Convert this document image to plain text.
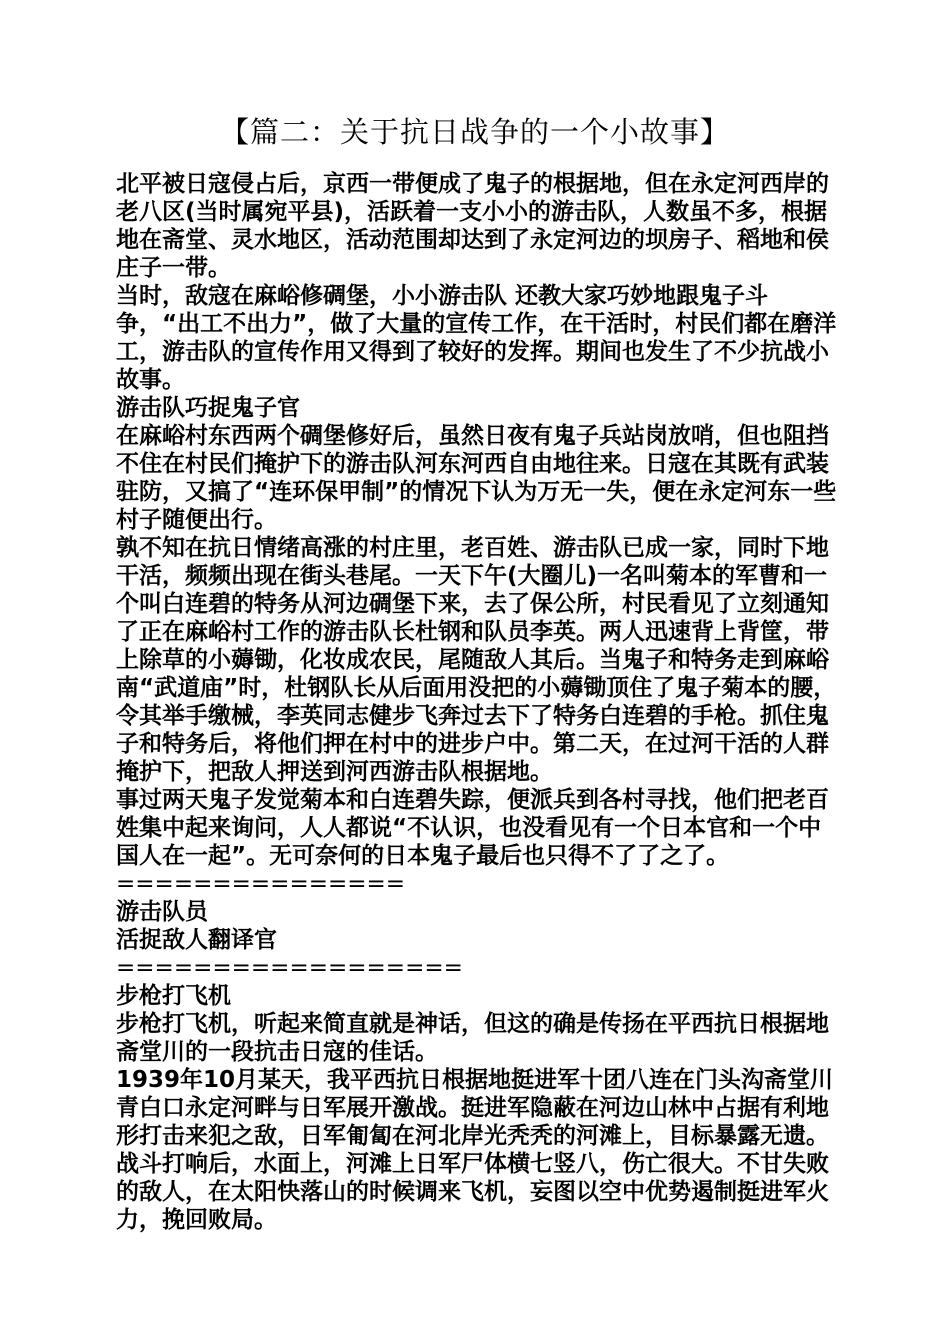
【篇二：关于抗日战争的一个小故事】

北平被日寇侵占后，京西一带便成了鬼子的根据地，但在永定河西岸的老八区(当时属宛平县)，活跃着一支小小的游击队，人数虽不多，根据地在斋堂、灵水地区，活动范围却达到了永定河边的坝房子、稻地和侯庄子一带。

当时，敌寇在麻峪修碉堡，小小游击队 还教大家巧妙地跟鬼子斗争，“出工不出力”，做了大量的宣传工作，在干活时，村民们都在磨洋工，游击队的宣传作用又得到了较好的发挥。期间也发生了不少抗战小故事。

游击队巧捉鬼子官

在麻峪村东西两个碉堡修好后，虽然日夜有鬼子兵站岗放哨，但也阻挡不住在村民们掩护下的游击队河东河西自由地往来。日寇在其既有武装驻防，又搞了“连环保甲制”的情况下认为万无一失，便在永定河东一些村子随便出行。

孰不知在抗日情绪高涨的村庄里，老百姓、游击队已成一家，同时下地干活，频频出现在街头巷尾。一天下午(大圈儿)一名叫菊本的军曹和一个叫白连碧的特务从河边碉堡下来，去了保公所，村民看见了立刻通知了正在麻峪村工作的游击队长杜钢和队员李英。两人迅速背上背筐，带上除草的小薅锄，化妆成农民，尾随敌人其后。当鬼子和特务走到麻峪南“武道庙”时，杜钢队长从后面用没把的小薅锄顶住了鬼子菊本的腰，令其举手缴械，李英同志健步飞奔过去下了特务白连碧的手枪。抓住鬼子和特务后，将他们押在村中的进步户中。第二天，在过河干活的人群掩护下，把敌人押送到河西游击队根据地。

事过两天鬼子发觉菊本和白连碧失踪，便派兵到各村寻找，他们把老百姓集中起来询问，人人都说“不认识，也没看见有一个日本官和一个中国人在一起”。无可奈何的日本鬼子最后也只得不了了之了。

===============

游击队员

活捉敌人翻译官

==================

步枪打飞机

步枪打飞机，听起来简直就是神话，但这的确是传扬在平西抗日根据地斋堂川的一段抗击日寇的佳话。

1939年10月某天，我平西抗日根据地挺进军十团八连在门头沟斋堂川青白口永定河畔与日军展开激战。挺进军隐蔽在河边山林中占据有利地形打击来犯之敌，日军匍匐在河北岸光秃秃的河滩上，目标暴露无遗。战斗打响后，水面上，河滩上日军尸体横七竖八，伤亡很大。不甘失败的敌人，在太阳快落山的时候调来飞机，妄图以空中优势遏制挺进军火力，挽回败局。
